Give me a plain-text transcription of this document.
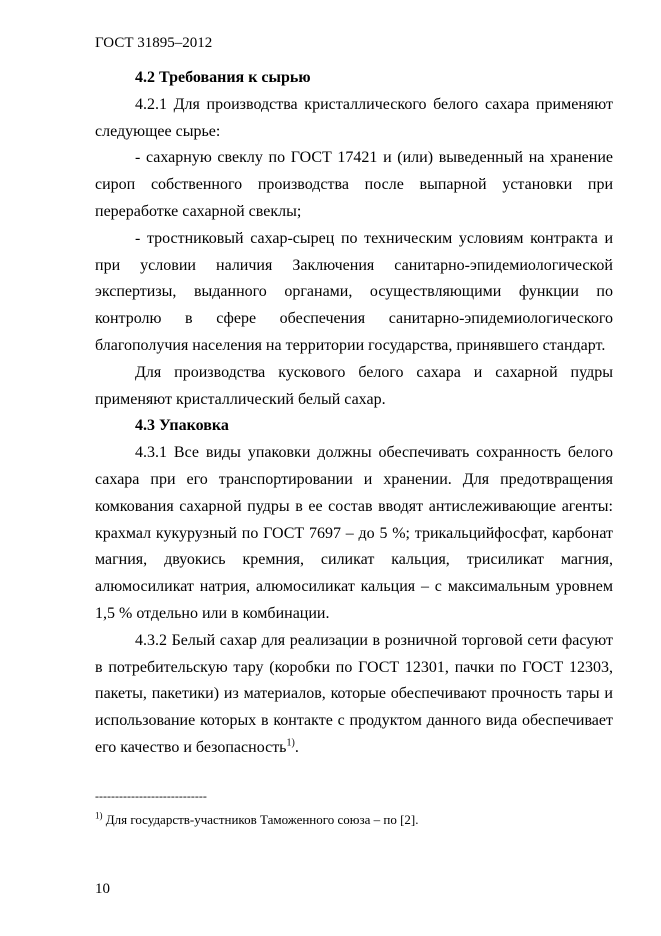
ГОСТ 31895–2012

4.2 Требования к сырью

4.2.1 Для производства кристаллического белого сахара применяют следующее сырье:

- сахарную свеклу по ГОСТ 17421 и (или) выведенный на хранение сироп собственного производства после выпарной установки при переработке сахарной свеклы;

- тростниковый сахар-сырец по техническим условиям контракта и при условии наличия Заключения санитарно-эпидемиологической экспертизы, выданного органами, осуществляющими функции по контролю в сфере обеспечения санитарно-эпидемиологического благополучия населения на территории государства, принявшего стандарт.

Для производства кускового белого сахара и сахарной пудры применяют кристаллический белый сахар.

4.3 Упаковка

4.3.1 Все виды упаковки должны обеспечивать сохранность белого сахара при его транспортировании и хранении. Для предотвращения комкования сахарной пудры в ее состав вводят антислеживающие агенты: крахмал кукурузный по ГОСТ 7697 – до 5 %; трикальцийфосфат, карбонат магния, двуокись кремния, силикат кальция, трисиликат магния, алюмосиликат натрия, алюмосиликат кальция – с максимальным уровнем 1,5 % отдельно или в комбинации.

4.3.2 Белый сахар для реализации в розничной торговой сети фасуют в потребительскую тару (коробки по ГОСТ 12301, пачки по ГОСТ 12303, пакеты, пакетики) из материалов, которые обеспечивают прочность тары и использование которых в контакте с продуктом данного вида обеспечивает его качество и безопасность$^{1)}$.

----------------------------
$^{1)}$ Для государств-участников Таможенного союза – по [2].
10
